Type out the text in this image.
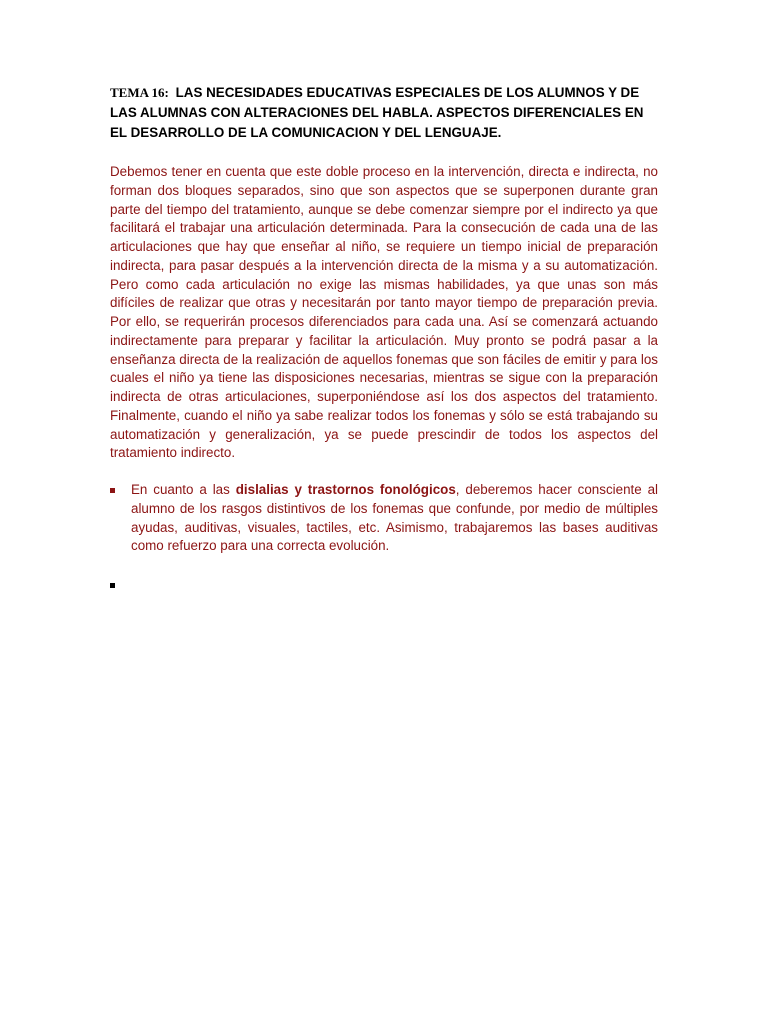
TEMA 16: LAS NECESIDADES EDUCATIVAS ESPECIALES DE LOS ALUMNOS Y DE LAS ALUMNAS CON ALTERACIONES DEL HABLA. ASPECTOS DIFERENCIALES EN EL DESARROLLO DE LA COMUNICACION Y DEL LENGUAJE.

Debemos tener en cuenta que este doble proceso en la intervención, directa e indirecta, no forman dos bloques separados, sino que son aspectos que se superponen durante gran parte del tiempo del tratamiento, aunque se debe comenzar siempre por el indirecto ya que facilitará el trabajar una articulación determinada. Para la consecución de cada una de las articulaciones que hay que enseñar al niño, se requiere un tiempo inicial de preparación indirecta, para pasar después a la intervención directa de la misma y a su automatización. Pero como cada articulación no exige las mismas habilidades, ya que unas son más difíciles de realizar que otras y necesitarán por tanto mayor tiempo de preparación previa. Por ello, se requerirán procesos diferenciados para cada una. Así se comenzará actuando indirectamente para preparar y facilitar la articulación. Muy pronto se podrá pasar a la enseñanza directa de la realización de aquellos fonemas que son fáciles de emitir y para los cuales el niño ya tiene las disposiciones necesarias, mientras se sigue con la preparación indirecta de otras articulaciones, superponiéndose así los dos aspectos del tratamiento. Finalmente, cuando el niño ya sabe realizar todos los fonemas y sólo se está trabajando su automatización y generalización, ya se puede prescindir de todos los aspectos del tratamiento indirecto.

En cuanto a las dislalias y trastornos fonológicos, deberemos hacer consciente al alumno de los rasgos distintivos de los fonemas que confunde, por medio de múltiples ayudas, auditivas, visuales, tactiles, etc. Asimismo, trabajaremos las bases auditivas como refuerzo para una correcta evolución.
